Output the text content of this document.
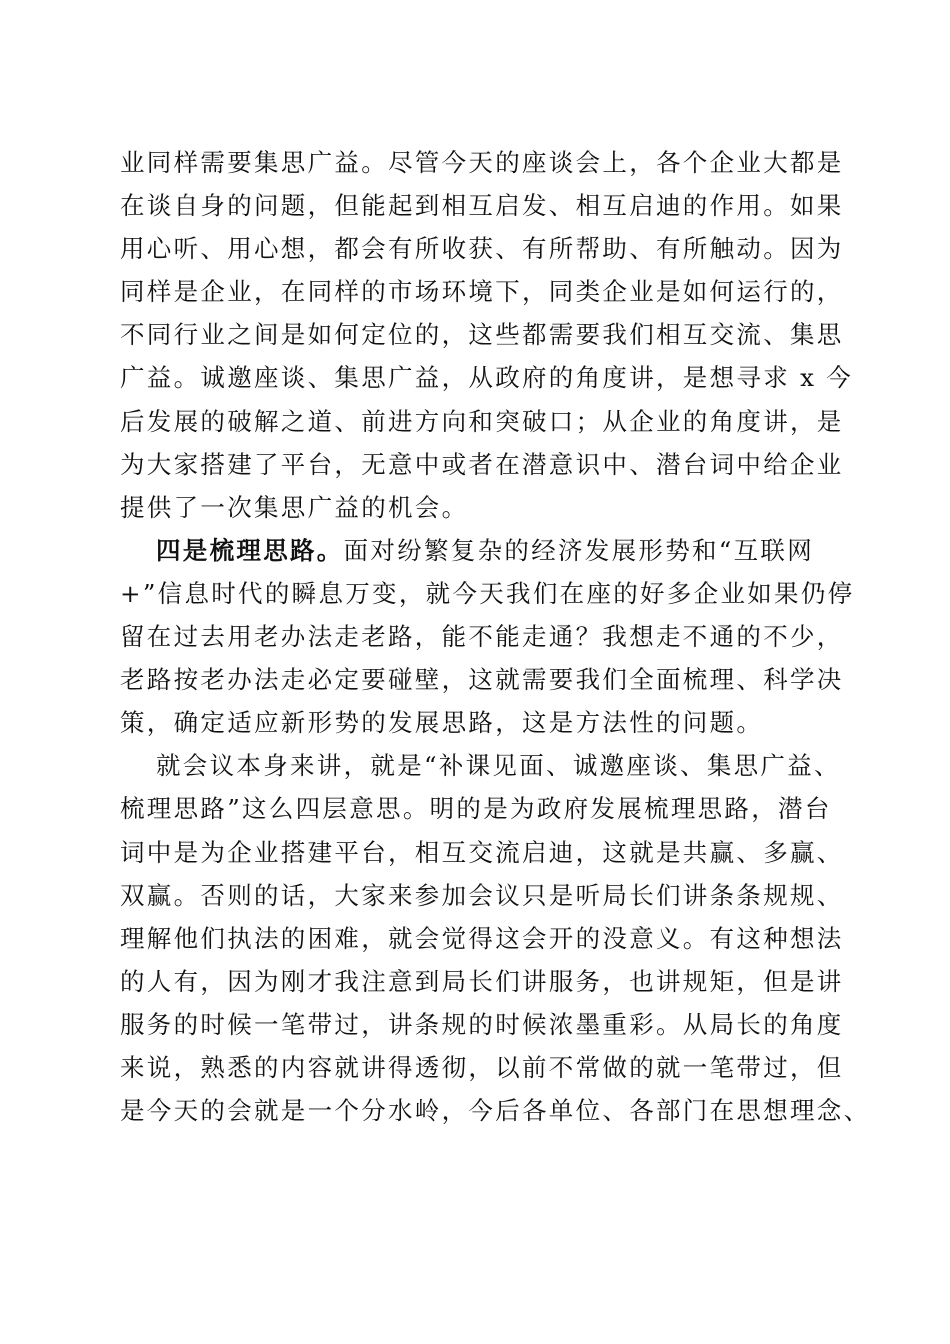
业同样需要集思广益。尽管今天的座谈会上，各个企业大都是
在谈自身的问题，但能起到相互启发、相互启迪的作用。如果
用心听、用心想，都会有所收获、有所帮助、有所触动。因为
同样是企业，在同样的市场环境下，同类企业是如何运行的，
不同行业之间是如何定位的，这些都需要我们相互交流、集思
广益。诚邀座谈、集思广益，从政府的角度讲，是想寻求 x 今
后发展的破解之道、前进方向和突破口；从企业的角度讲，是
为大家搭建了平台，无意中或者在潜意识中、潜台词中给企业
提供了一次集思广益的机会。
四是梳理思路。面对纷繁复杂的经济发展形势和“互联网
+”信息时代的瞬息万变，就今天我们在座的好多企业如果仍停
留在过去用老办法走老路，能不能走通？我想走不通的不少，
老路按老办法走必定要碰壁，这就需要我们全面梳理、科学决
策，确定适应新形势的发展思路，这是方法性的问题。
就会议本身来讲，就是“补课见面、诚邀座谈、集思广益、
梳理思路”这么四层意思。明的是为政府发展梳理思路，潜台
词中是为企业搭建平台，相互交流启迪，这就是共赢、多赢、
双赢。否则的话，大家来参加会议只是听局长们讲条条规规、
理解他们执法的困难，就会觉得这会开的没意义。有这种想法
的人有，因为刚才我注意到局长们讲服务，也讲规矩，但是讲
服务的时候一笔带过，讲条规的时候浓墨重彩。从局长的角度
来说，熟悉的内容就讲得透彻，以前不常做的就一笔带过，但
是今天的会就是一个分水岭，今后各单位、各部门在思想理念、
